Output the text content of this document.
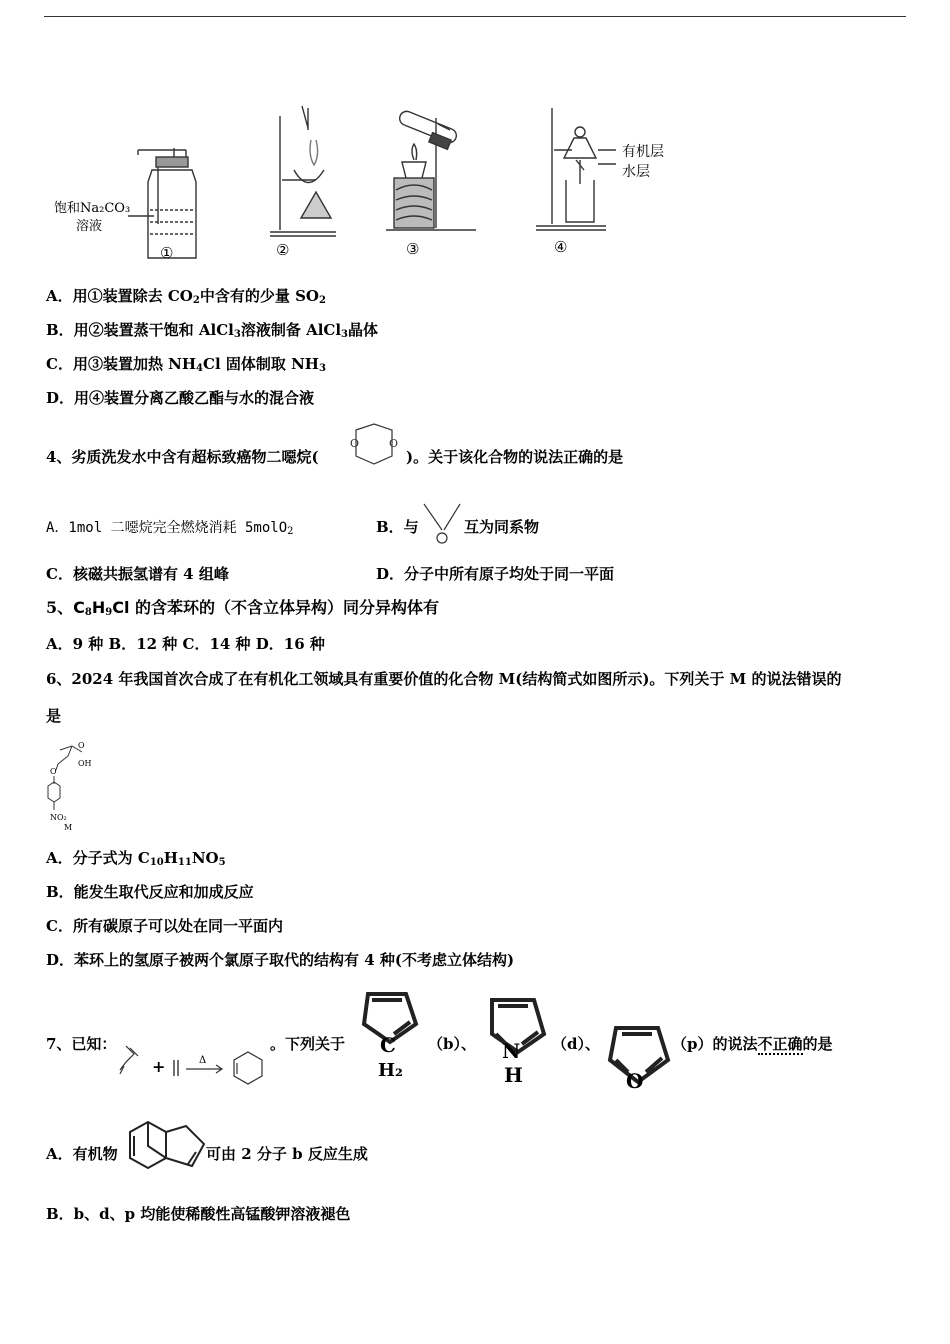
饱和Na₂CO₃
溶液
①	②	③
有机层
水层
④
A．用①装置除去 $CO_2$中含有的少量 $SO_2$
B．用②装置蒸干饱和 AlCl$_3$溶液制备 AlCl$_3$晶体
C．用③装置加热 $NH_4Cl$ 固体制取 $NH_3$
D．用④装置分离乙酸乙酯与水的混合液
4、劣质洗发水中含有超标致癌物二噁烷(
O	O
)。关于该化合物的说法正确的是
A．1mol 二噁烷完全燃烧消耗 5molO$_2$	B．与	互为同系物
C．核磁共振氢谱有 4 组峰	D．分子中所有原子均处于同一平面
5、$C_8H_9Cl$ 的含苯环的（不含立体异构）同分异构体有
A．9 种 B．12 种 C．14 种 D．16 种
6、2024 年我国首次合成了在有机化工领域具有重要价值的化合物 M(结构简式如图所示)。下列关于 M 的说法错误的
是
O
OH
O
NO₂
M
A．分子式为 $C_{10}H_{11}NO_5$
B．能发生取代反应和加成反应
C．所有碳原子可以处在同一平面内
D．苯环上的氢原子被两个氯原子取代的结构有 4 种(不考虑立体结构)
7、已知：
+	Δ
。下列关于 C
H₂
（b）、 N
H
（d）、
O
（p）的说法不正确的是
A．有机物	可由 2 分子 b 反应生成
B．b、d、p 均能使稀酸性高锰酸钾溶液褪色
